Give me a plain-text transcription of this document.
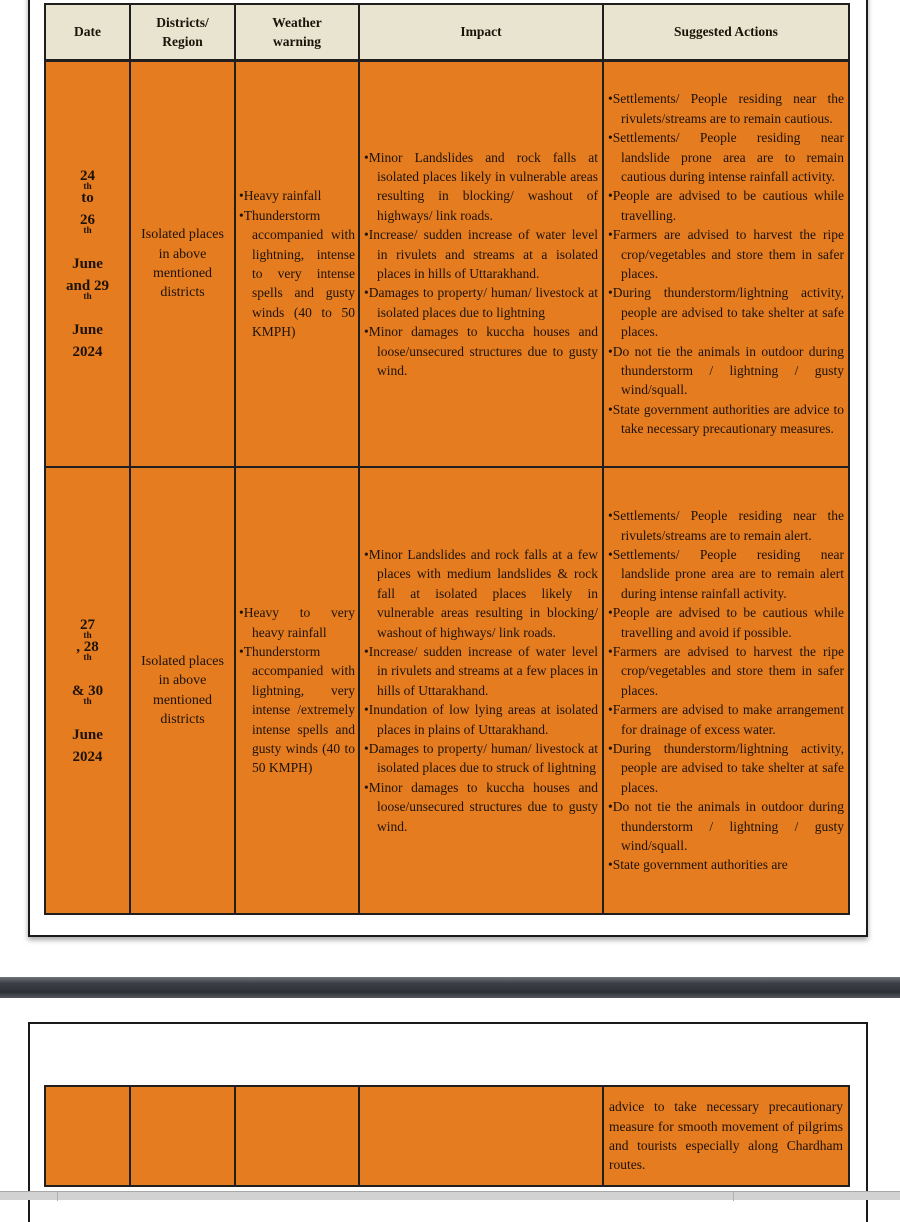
Date
Districts/ Region
Weather warning
Impact	Suggested Actions
24
th
to
26
th

June
and 29
th

June
2024
Isolated places in above mentioned districts
• Heavy rainfall
• Thunderstorm accompanied with lightning, intense to very intense spells and gusty winds (40 to 50 KMPH)
• Minor Landslides and rock falls at isolated places likely in vulnerable areas resulting in blocking/ washout of highways/ link roads.
• Increase/ sudden increase of water level in rivulets and streams at a isolated places in hills of Uttarakhand.
• Damages to property/ human/ livestock at isolated places due to lightning
• Minor damages to kuccha houses and loose/unsecured structures due to gusty wind.
• Settlements/ People residing near the rivulets/streams are to remain cautious.
• Settlements/ People residing near landslide prone area are to remain cautious during intense rainfall activity.
• People are advised to be cautious while travelling.
• Farmers are advised to harvest the ripe crop/vegetables and store them in safer places.
• During thunderstorm/lightning activity, people are advised to take shelter at safe places.
• Do not tie the animals in outdoor during thunderstorm / lightning / gusty wind/squall.
• State government authorities are advice to take necessary precautionary measures.
27
th
, 28
th

& 30
th

June
2024
Isolated places in above mentioned districts
• Heavy to very heavy rainfall
• Thunderstorm accompanied with lightning, very intense /extremely intense spells and gusty winds (40 to 50 KMPH)
• Minor Landslides and rock falls at a few places with medium landslides & rock fall at isolated places likely in vulnerable areas resulting in blocking/ washout of highways/ link roads.
• Increase/ sudden increase of water level in rivulets and streams at a few places in hills of Uttarakhand.
• Inundation of low lying areas at isolated places in plains of Uttarakhand.
• Damages to property/ human/ livestock at isolated places due to struck of lightning
• Minor damages to kuccha houses and loose/unsecured structures due to gusty wind.
• Settlements/ People residing near the rivulets/streams are to remain alert.
• Settlements/ People residing near landslide prone area are to remain alert during intense rainfall activity.
• People are advised to be cautious while travelling and avoid if possible.
• Farmers are advised to harvest the ripe crop/vegetables and store them in safer places.
• Farmers are advised to make arrangement for drainage of excess water.
• During thunderstorm/lightning activity, people are advised to take shelter at safe places.
• Do not tie the animals in outdoor during thunderstorm / lightning / gusty wind/squall.
• State government authorities are
advice to take necessary precautionary measure for smooth movement of pilgrims and tourists especially along Chardham routes.
